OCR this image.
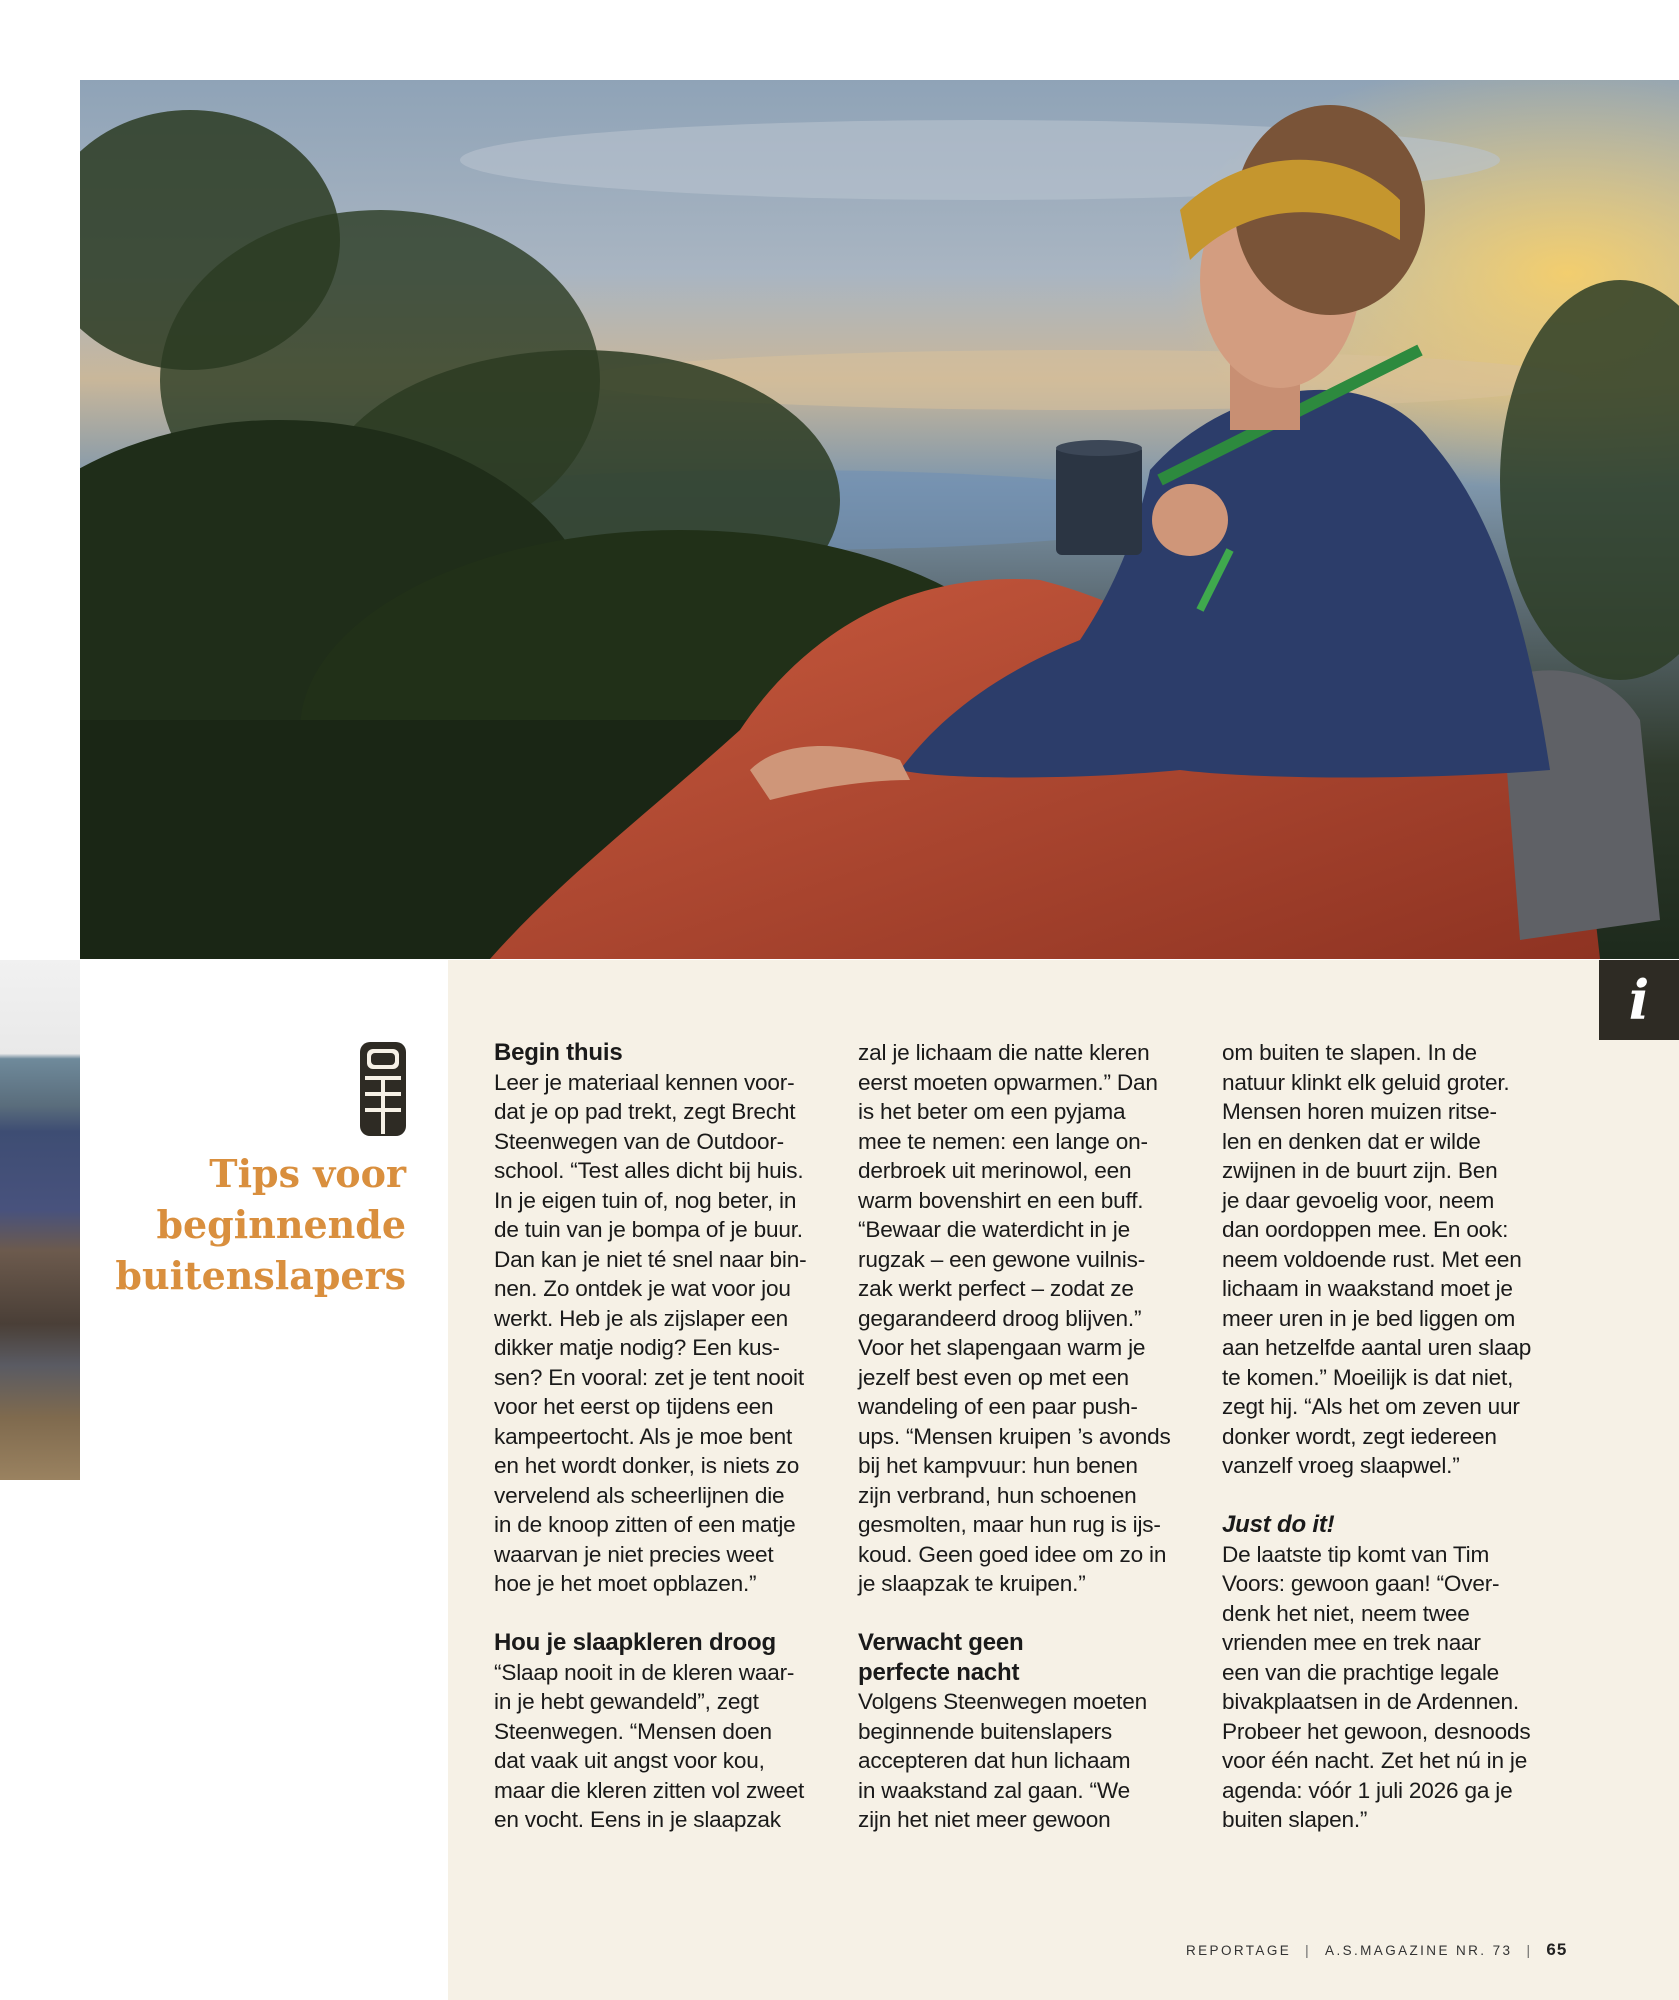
i
Tips voor
beginnende
buitenslapers
Begin thuis
Leer je materiaal kennen voor-
dat je op pad trekt, zegt Brecht
Steenwegen van de Outdoor-
school. “Test alles dicht bij huis.
In je eigen tuin of, nog beter, in
de tuin van je bompa of je buur.
Dan kan je niet té snel naar bin-
nen. Zo ontdek je wat voor jou
werkt. Heb je als zijslaper een
dikker matje nodig? Een kus-
sen? En vooral: zet je tent nooit
voor het eerst op tijdens een
kampeertocht. Als je moe bent
en het wordt donker, is niets zo
vervelend als scheerlijnen die
in de knoop zitten of een matje
waarvan je niet precies weet
hoe je het moet opblazen.”
Hou je slaapkleren droog
“Slaap nooit in de kleren waar-
in je hebt gewandeld”, zegt
Steenwegen. “Mensen doen
dat vaak uit angst voor kou,
maar die kleren zitten vol zweet
en vocht. Eens in je slaapzak
zal je lichaam die natte kleren
eerst moeten opwarmen.” Dan
is het beter om een pyjama
mee te nemen: een lange on-
derbroek uit merinowol, een
warm bovenshirt en een buff.
“Bewaar die waterdicht in je
rugzak – een gewone vuilnis-
zak werkt perfect – zodat ze
gegarandeerd droog blijven.”
Voor het slapengaan warm je
jezelf best even op met een
wandeling of een paar push-
ups. “Mensen kruipen ’s avonds
bij het kampvuur: hun benen
zijn verbrand, hun schoenen
gesmolten, maar hun rug is ijs-
koud. Geen goed idee om zo in
je slaapzak te kruipen.”
Verwacht geen
perfecte nacht
Volgens Steenwegen moeten
beginnende buitenslapers
accepteren dat hun lichaam
in waakstand zal gaan. “We
zijn het niet meer gewoon
om buiten te slapen. In de
natuur klinkt elk geluid groter.
Mensen horen muizen ritse-
len en denken dat er wilde
zwijnen in de buurt zijn. Ben
je daar gevoelig voor, neem
dan oordoppen mee. En ook:
neem voldoende rust. Met een
lichaam in waakstand moet je
meer uren in je bed liggen om
aan hetzelfde aantal uren slaap
te komen.” Moeilijk is dat niet,
zegt hij. “Als het om zeven uur
donker wordt, zegt iedereen
vanzelf vroeg slaapwel.”
Just do it!
De laatste tip komt van Tim
Voors: gewoon gaan! “Over-
denk het niet, neem twee
vrienden mee en trek naar
een van die prachtige legale
bivakplaatsen in de Ardennen.
Probeer het gewoon, desnoods
voor één nacht. Zet het nú in je
agenda: vóór 1 juli 2026 ga je
buiten slapen.”
REPORTAGE | A.S.MAGAZINE NR. 73 | 65
